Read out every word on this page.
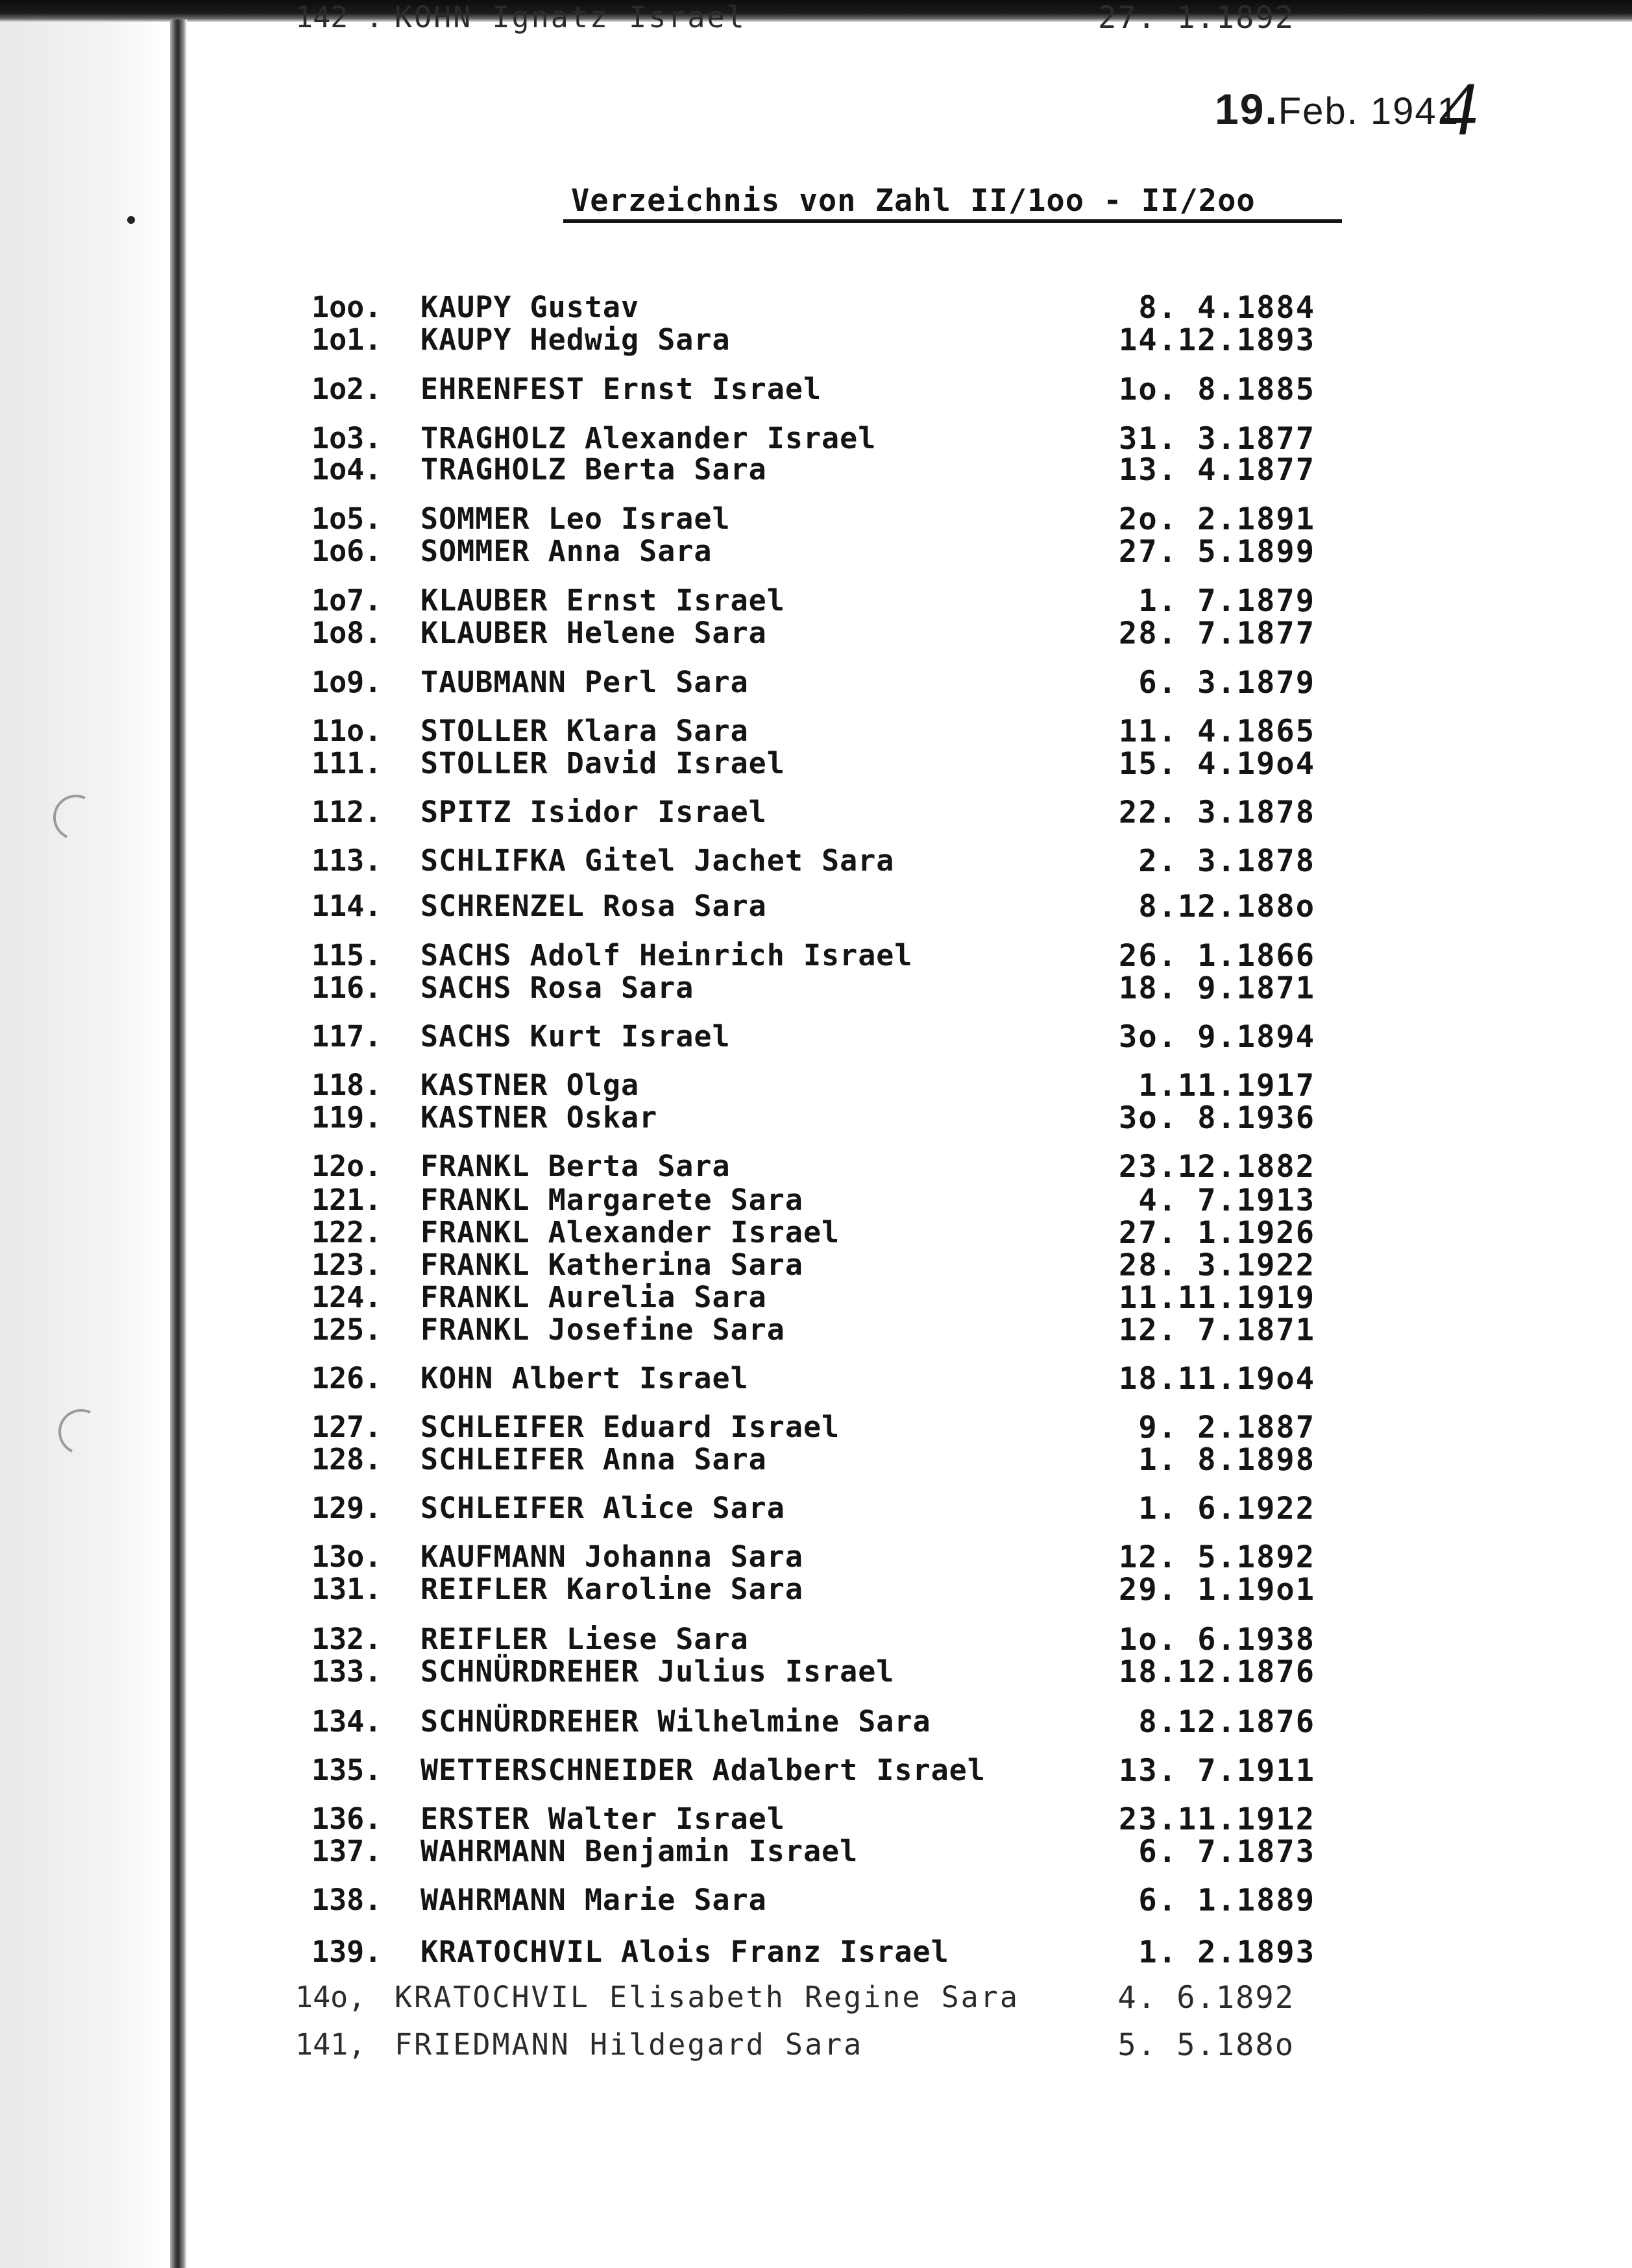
19.Feb. 1941
4
Verzeichnis von Zahl II/1oo - II/2oo
1oo. KAUPY Gustav	8. 4.1884
1o1. KAUPY Hedwig Sara	14.12.1893
1o2. EHRENFEST Ernst Israel	1o. 8.1885
1o3. TRAGHOLZ Alexander Israel	31. 3.1877
1o4. TRAGHOLZ Berta Sara	13. 4.1877
1o5. SOMMER Leo Israel	2o. 2.1891
1o6. SOMMER Anna Sara	27. 5.1899
1o7. KLAUBER Ernst Israel	1. 7.1879
1o8. KLAUBER Helene Sara	28. 7.1877
1o9. TAUBMANN Perl Sara	6. 3.1879
11o. STOLLER Klara Sara	11. 4.1865
111. STOLLER David Israel	15. 4.19o4
112. SPITZ Isidor Israel	22. 3.1878
113. SCHLIFKA Gitel Jachet Sara	2. 3.1878
114. SCHRENZEL Rosa Sara	8.12.188o
115. SACHS Adolf Heinrich Israel	26. 1.1866
116. SACHS Rosa Sara	18. 9.1871
117. SACHS Kurt Israel	3o. 9.1894
118. KASTNER Olga	1.11.1917
119. KASTNER Oskar	3o. 8.1936
12o. FRANKL Berta Sara	23.12.1882
121. FRANKL Margarete Sara	4. 7.1913
122. FRANKL Alexander Israel	27. 1.1926
123. FRANKL Katherina Sara	28. 3.1922
124. FRANKL Aurelia Sara	11.11.1919
125. FRANKL Josefine Sara	12. 7.1871
126. KOHN Albert Israel	18.11.19o4
127. SCHLEIFER Eduard Israel	9. 2.1887
128. SCHLEIFER Anna Sara	1. 8.1898
129. SCHLEIFER Alice Sara	1. 6.1922
13o. KAUFMANN Johanna Sara	12. 5.1892
131. REIFLER Karoline Sara	29. 1.19o1
132. REIFLER Liese Sara	1o. 6.1938
133. SCHNÜRDREHER Julius Israel	18.12.1876
134. SCHNÜRDREHER Wilhelmine Sara	8.12.1876
135. WETTERSCHNEIDER Adalbert Israel	13. 7.1911
136. ERSTER Walter Israel	23.11.1912
137. WAHRMANN Benjamin Israel	6. 7.1873
138. WAHRMANN Marie Sara	6. 1.1889
139. KRATOCHVIL Alois Franz Israel	1. 2.1893
14o, KRATOCHVIL Elisabeth Regine Sara	4. 6.1892
141, FRIEDMANN Hildegard Sara	5. 5.188o
142 . KOHN Ignatz Israel	27. 1.1892
